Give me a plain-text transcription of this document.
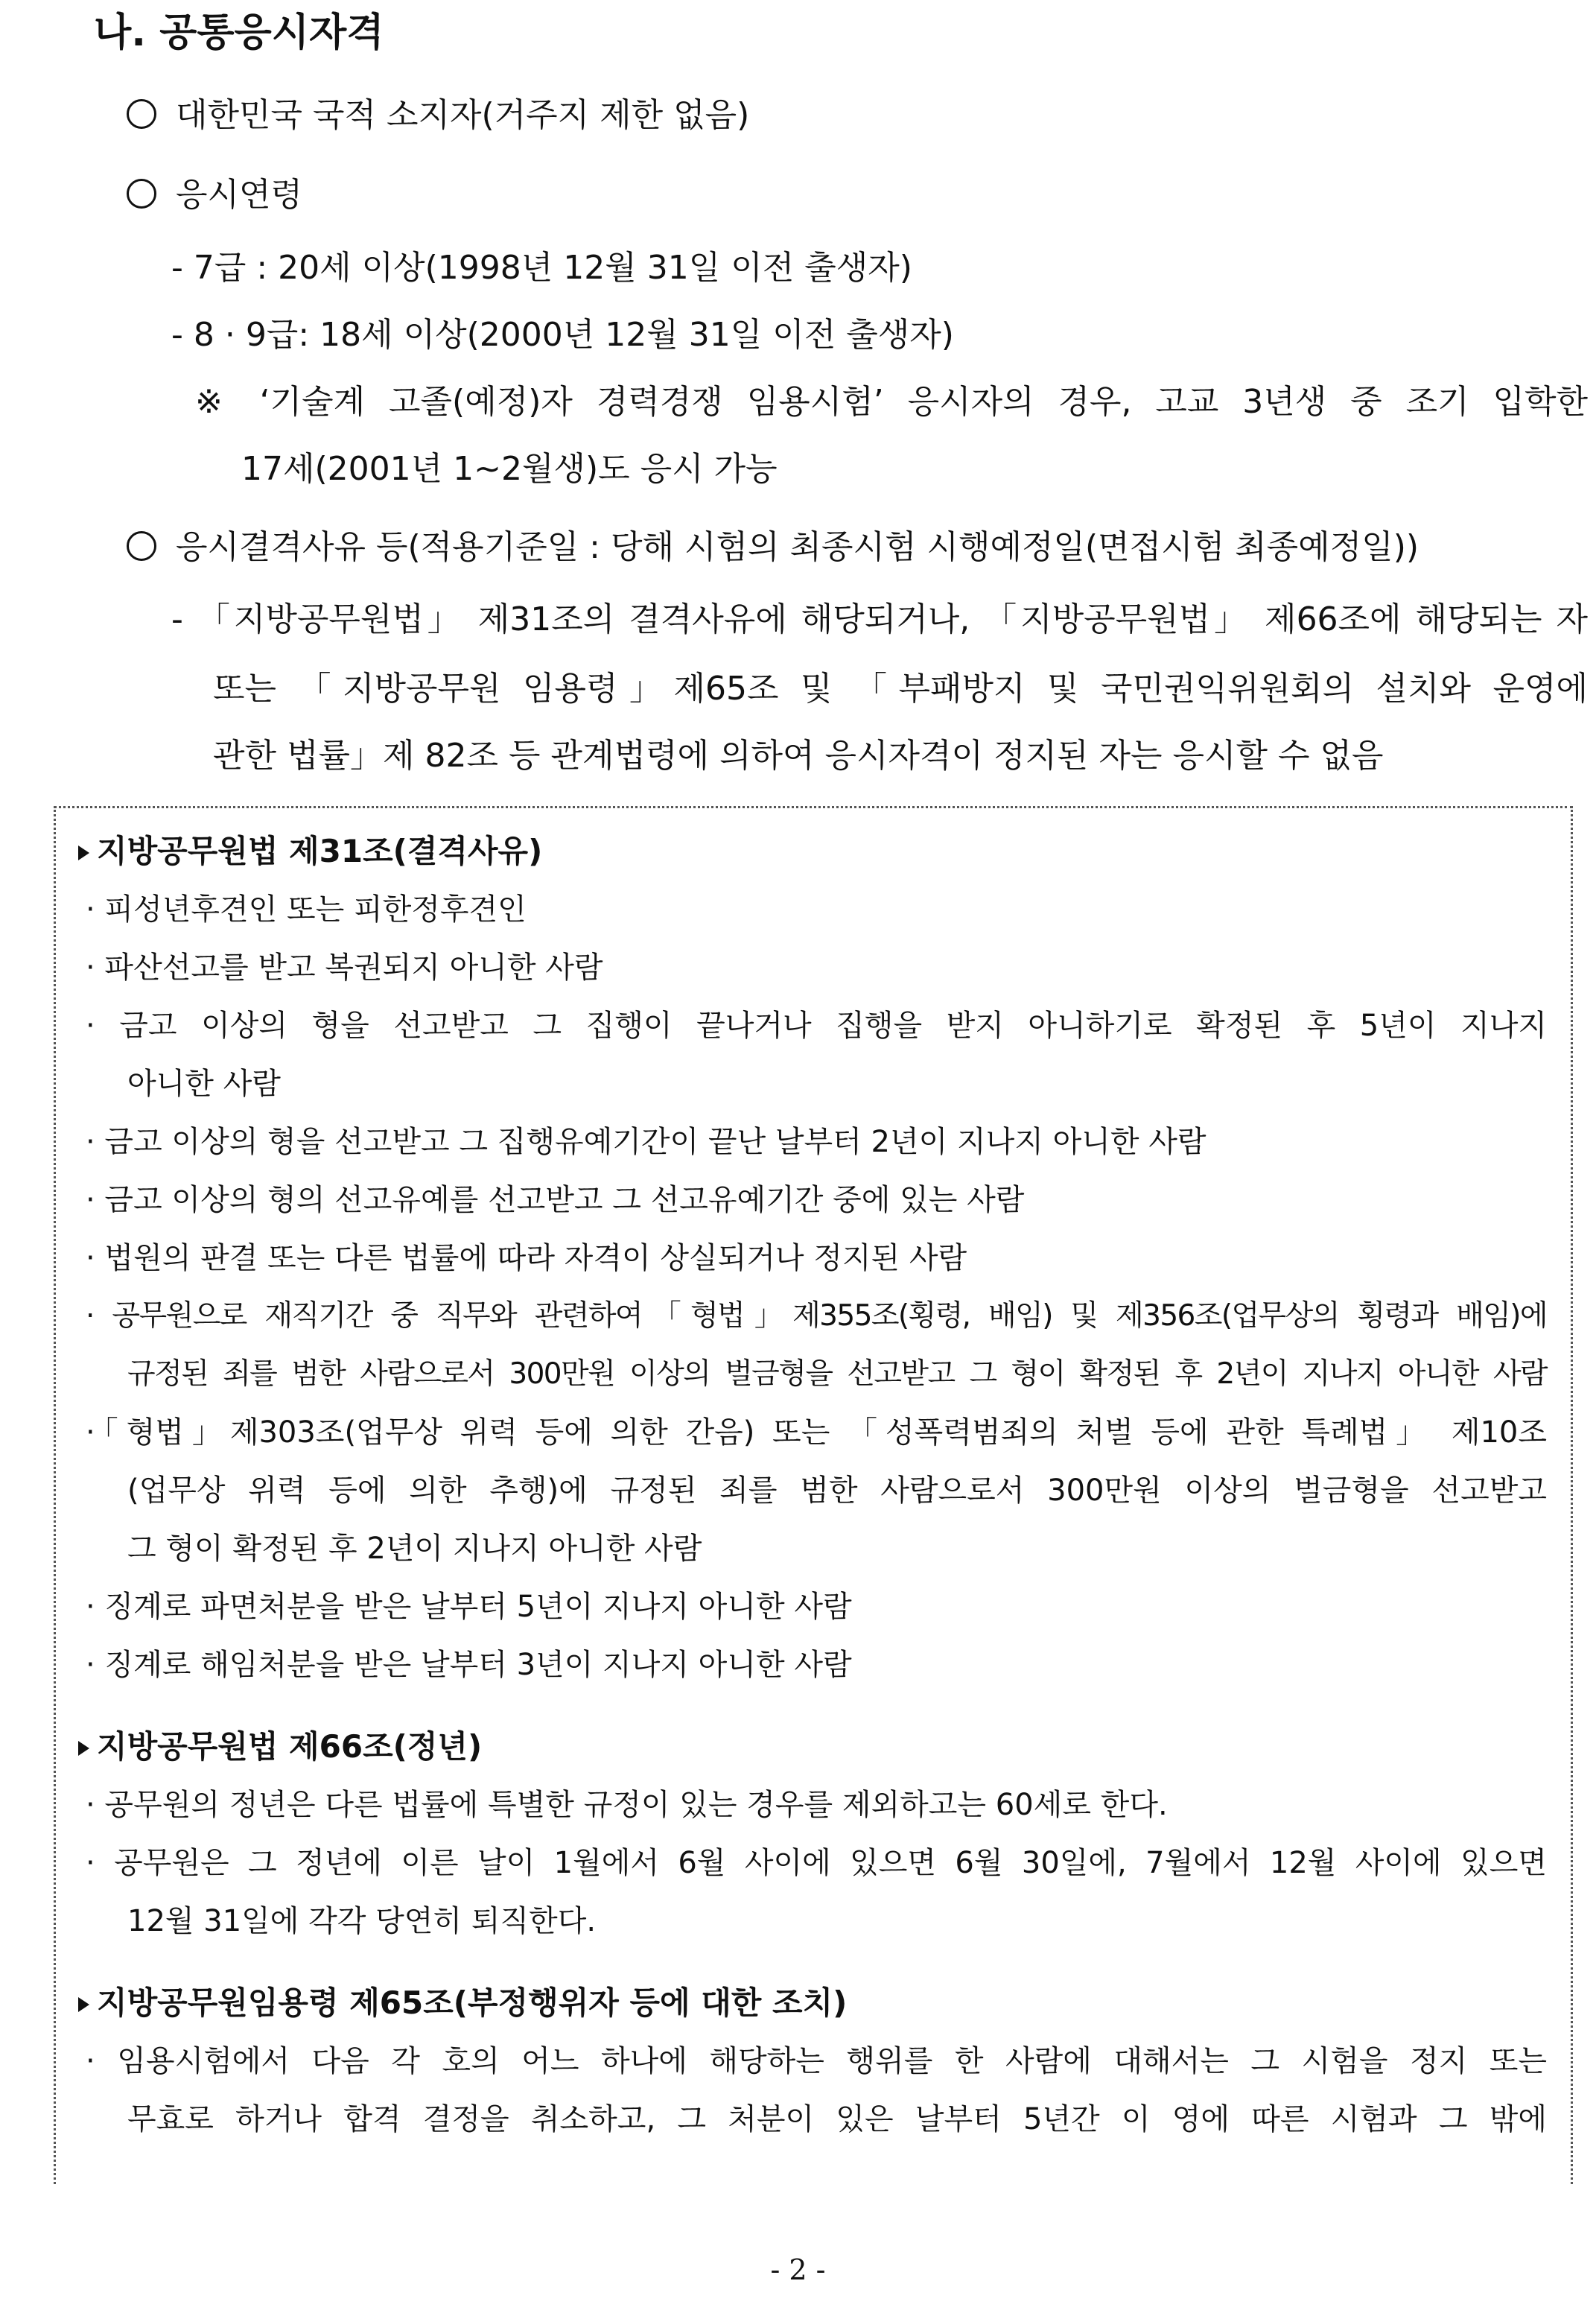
나. 공통응시자격
대한민국 국적 소지자(거주지 제한 없음)
응시연령
- 7급 : 20세 이상(1998년 12월 31일 이전 출생자)
- 8 · 9급: 18세 이상(2000년 12월 31일 이전 출생자)
※ ‘기술계 고졸(예정)자 경력경쟁 임용시험’ 응시자의 경우, 고교 3년생 중 조기 입학한
17세(2001년 1~2월생)도 응시 가능
응시결격사유 등(적용기준일 : 당해 시험의 최종시험 시행예정일(면접시험 최종예정일))
- 「지방공무원법」 제31조의 결격사유에 해당되거나, 「지방공무원법」 제66조에 해당되는 자
또는 「지방공무원 임용령」제65조 및 「부패방지 및 국민권익위원회의 설치와 운영에
관한 법률」제 82조 등 관계법령에 의하여 응시자격이 정지된 자는 응시할 수 없음
지방공무원법 제31조(결격사유)
· 피성년후견인 또는 피한정후견인
· 파산선고를 받고 복권되지 아니한 사람
· 금고 이상의 형을 선고받고 그 집행이 끝나거나 집행을 받지 아니하기로 확정된 후 5년이 지나지
아니한 사람
· 금고 이상의 형을 선고받고 그 집행유예기간이 끝난 날부터 2년이 지나지 아니한 사람
· 금고 이상의 형의 선고유예를 선고받고 그 선고유예기간 중에 있는 사람
· 법원의 판결 또는 다른 법률에 따라 자격이 상실되거나 정지된 사람
· 공무원으로 재직기간 중 직무와 관련하여「형법」제355조(횡령, 배임) 및 제356조(업무상의 횡령과 배임)에
규정된 죄를 범한 사람으로서 300만원 이상의 벌금형을 선고받고 그 형이 확정된 후 2년이 지나지 아니한 사람
·「형법」제303조(업무상 위력 등에 의한 간음) 또는 「성폭력범죄의 처벌 등에 관한 특례법」 제10조
(업무상 위력 등에 의한 추행)에 규정된 죄를 범한 사람으로서 300만원 이상의 벌금형을 선고받고
그 형이 확정된 후 2년이 지나지 아니한 사람
· 징계로 파면처분을 받은 날부터 5년이 지나지 아니한 사람
· 징계로 해임처분을 받은 날부터 3년이 지나지 아니한 사람
지방공무원법 제66조(정년)
· 공무원의 정년은 다른 법률에 특별한 규정이 있는 경우를 제외하고는 60세로 한다.
· 공무원은 그 정년에 이른 날이 1월에서 6월 사이에 있으면 6월 30일에, 7월에서 12월 사이에 있으면
12월 31일에 각각 당연히 퇴직한다.
지방공무원임용령 제65조(부정행위자 등에 대한 조치)
· 임용시험에서 다음 각 호의 어느 하나에 해당하는 행위를 한 사람에 대해서는 그 시험을 정지 또는
무효로 하거나 합격 결정을 취소하고, 그 처분이 있은 날부터 5년간 이 영에 따른 시험과 그 밖에
- 2 -
